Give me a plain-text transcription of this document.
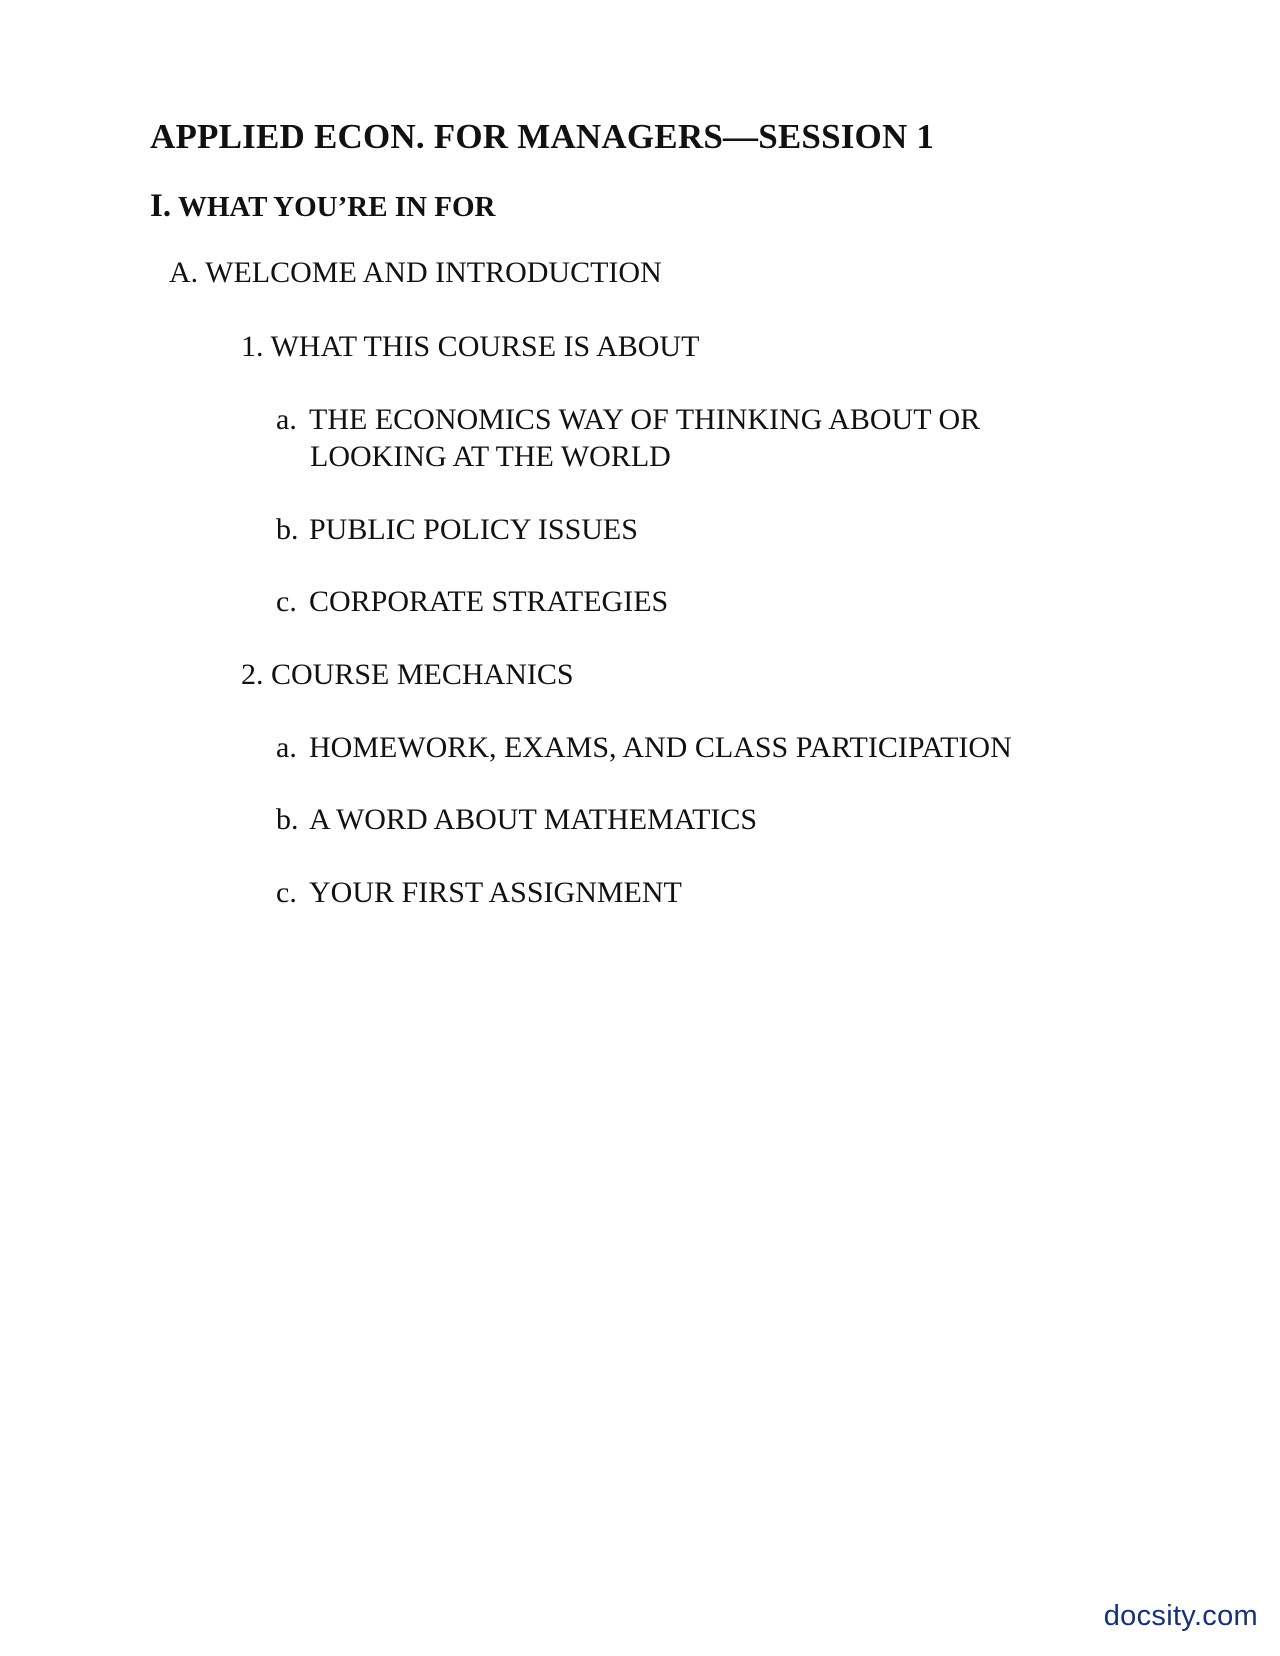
APPLIED ECON. FOR MANAGERS—SESSION 1
I. WHAT YOU’RE IN FOR
A. WELCOME AND INTRODUCTION
1. WHAT THIS COURSE IS ABOUT
a. THE ECONOMICS WAY OF THINKING ABOUT OR
LOOKING AT THE WORLD
b. PUBLIC POLICY ISSUES
c. CORPORATE STRATEGIES
2. COURSE MECHANICS
a. HOMEWORK, EXAMS, AND CLASS PARTICIPATION
b. A WORD ABOUT MATHEMATICS
c. YOUR FIRST ASSIGNMENT
docsity.com
